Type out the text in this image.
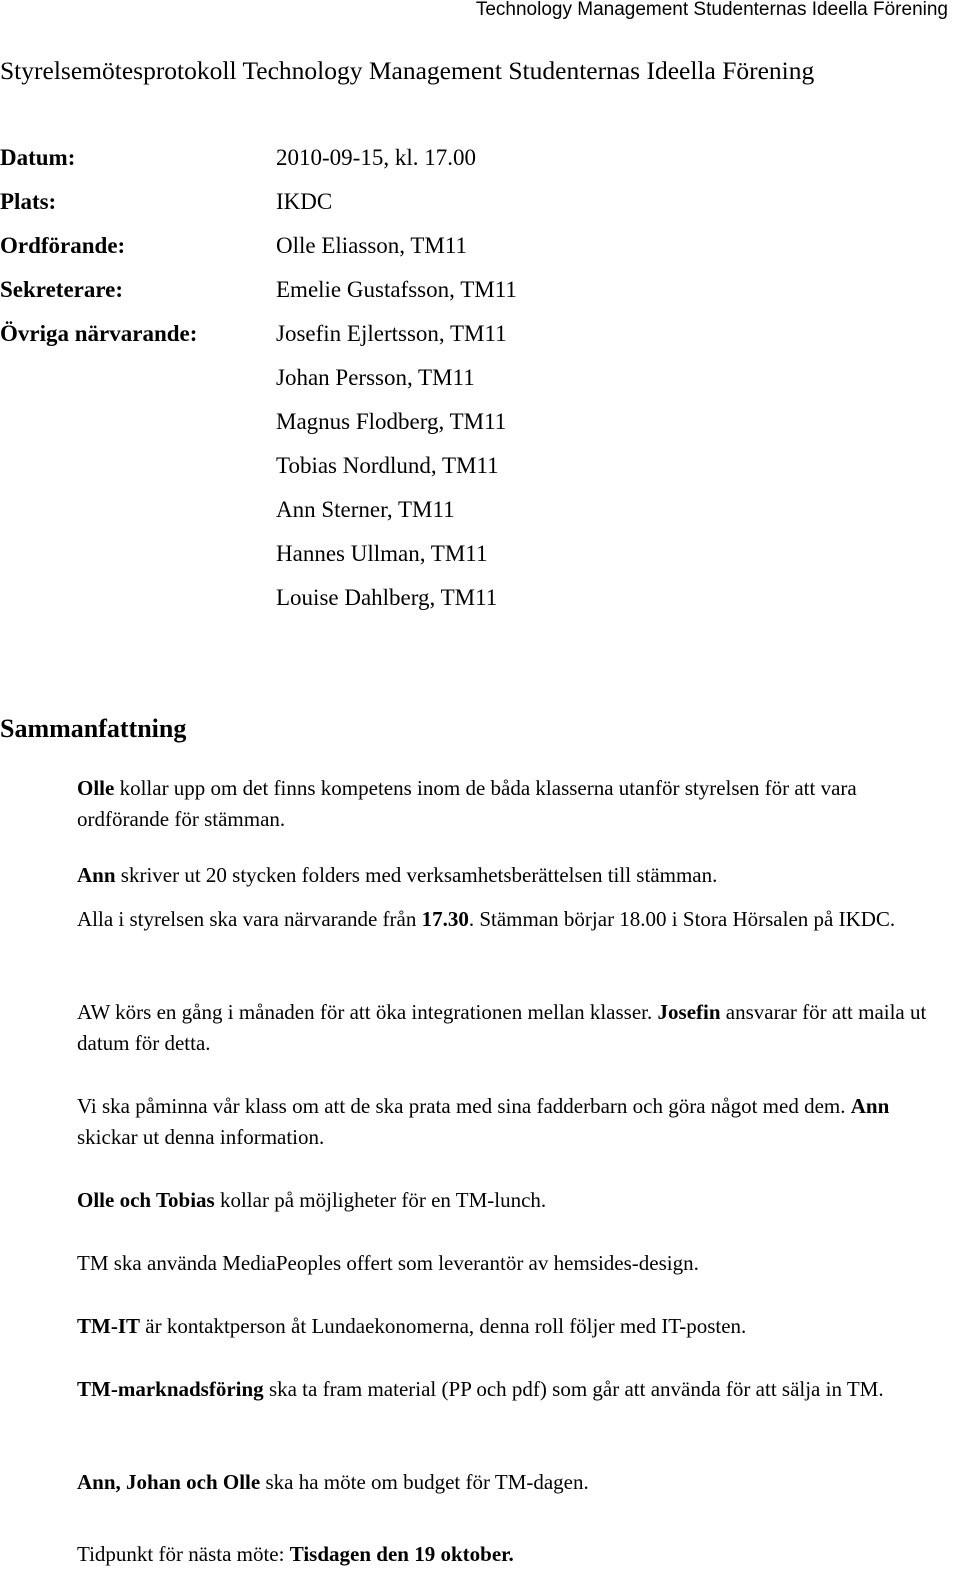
Technology Management Studenternas Ideella Förening
Styrelsemötesprotokoll Technology Management Studenternas Ideella Förening
Datum:	2010-09-15, kl. 17.00
Plats:	IKDC
Ordförande:	Olle Eliasson, TM11
Sekreterare:	Emelie Gustafsson, TM11
Övriga närvarande:	Josefin Ejlertsson, TM11
Johan Persson, TM11
Magnus Flodberg, TM11
Tobias Nordlund, TM11
Ann Sterner, TM11
Hannes Ullman, TM11
Louise Dahlberg, TM11
Sammanfattning

Olle kollar upp om det finns kompetens inom de båda klasserna utanför styrelsen för att vara ordförande för stämman.

Ann skriver ut 20 stycken folders med verksamhetsberättelsen till stämman.

Alla i styrelsen ska vara närvarande från 17.30. Stämman börjar 18.00 i Stora Hörsalen på IKDC.

AW körs en gång i månaden för att öka integrationen mellan klasser. Josefin ansvarar för att maila ut datum för detta.

Vi ska påminna vår klass om att de ska prata med sina fadderbarn och göra något med dem. Ann skickar ut denna information.

Olle och Tobias kollar på möjligheter för en TM-lunch.

TM ska använda MediaPeoples offert som leverantör av hemsides-design.

TM-IT är kontaktperson åt Lundaekonomerna, denna roll följer med IT-posten.

TM-marknadsföring ska ta fram material (PP och pdf) som går att använda för att sälja in TM.

Ann, Johan och Olle ska ha möte om budget för TM-dagen.

Tidpunkt för nästa möte: Tisdagen den 19 oktober.
